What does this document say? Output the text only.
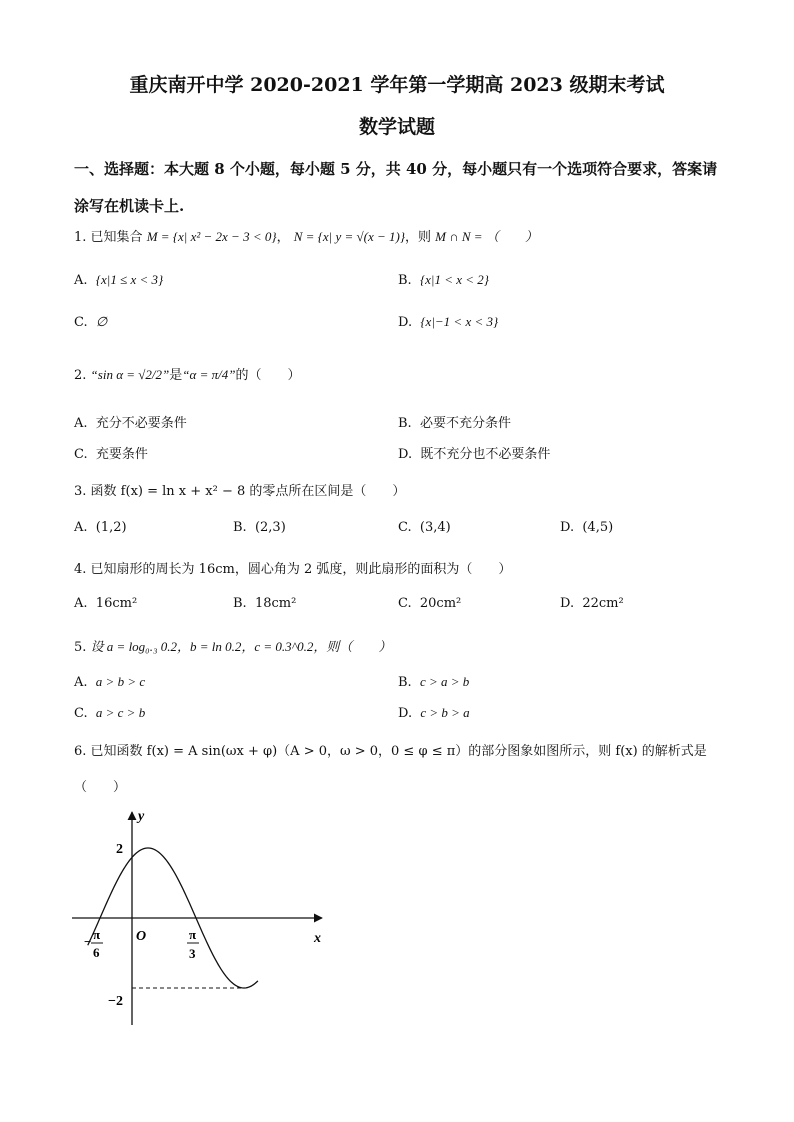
重庆南开中学 2020-2021 学年第一学期高 2023 级期末考试
数学试题
一、选择题：本大题 8 个小题，每小题 5 分，共 40 分，每小题只有一个选项符合要求，答案请
涂写在机读卡上.
1. 已知集合 M = {x| x² − 2x − 3 < 0}， N = {x| y = √(x − 1)}，则 M ∩ N = （　　）
A. {x|1 ≤ x < 3}	B. {x|1 < x < 2}
C. ∅	D. {x|−1 < x < 3}
2. “sin α = √2/2”是“α = π/4”的（　　）
A. 充分不必要条件	B. 必要不充分条件
C. 充要条件	D. 既不充分也不必要条件
3. 函数 f(x) = ln x + x² − 8 的零点所在区间是（　　）
A. (1,2)	B. (2,3)	C. (3,4)	D. (4,5)
4. 已知扇形的周长为 16cm，圆心角为 2 弧度，则此扇形的面积为（　　）
A. 16cm²	B. 18cm²	C. 20cm²	D. 22cm²
5. 设 a = log₀.₃ 0.2，b = ln 0.2，c = 0.3^0.2，则（　　）
A. a > b > c	B. c > a > b
C. a > c > b	D. c > b > a
6. 已知函数 f(x) = A sin(ωx + φ)（A > 0，ω > 0，0 ≤ φ ≤ π）的部分图象如图所示，则 f(x) 的解析式是
（　　）
y
x
O
2
−2
− π
6
π
3
